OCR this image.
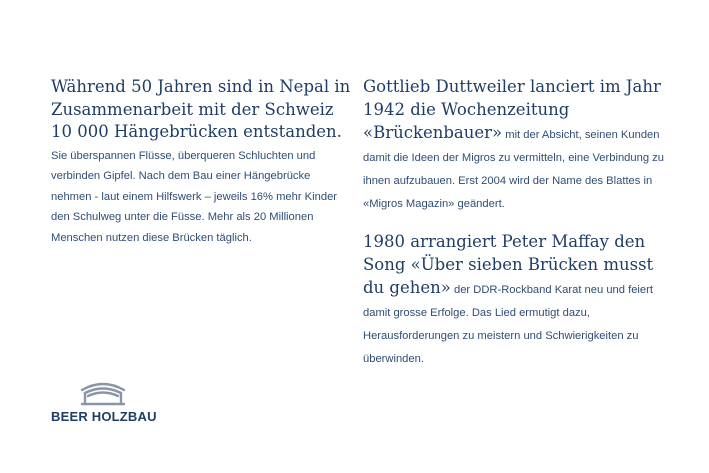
Während 50 Jahren sind in Nepal in Zusammenarbeit mit der Schweiz 10 000 Hängebrücken entstanden.
Sie überspannen Flüsse, überqueren Schluchten und verbinden Gipfel. Nach dem Bau einer Hängebrücke nehmen - laut einem Hilfswerk – jeweils 16% mehr Kinder den Schulweg unter die Füsse. Mehr als 20 Millionen Menschen nutzen diese Brücken täglich.

Gottlieb Duttweiler lanciert im Jahr 1942 die Wochenzeitung «Brückenbauer» mit der Absicht, seinen Kunden damit die Ideen der Migros zu vermitteln, eine Verbindung zu ihnen aufzubauen. Erst 2004 wird der Name des Blattes in «Migros Magazin» geändert.

1980 arrangiert Peter Maffay den Song «Über sieben Brücken musst du gehen» der DDR-Rockband Karat neu und feiert damit grosse Erfolge. Das Lied ermutigt dazu, Herausforderungen zu meistern und Schwierigkeiten zu überwinden.

BEER HOLZBAU
